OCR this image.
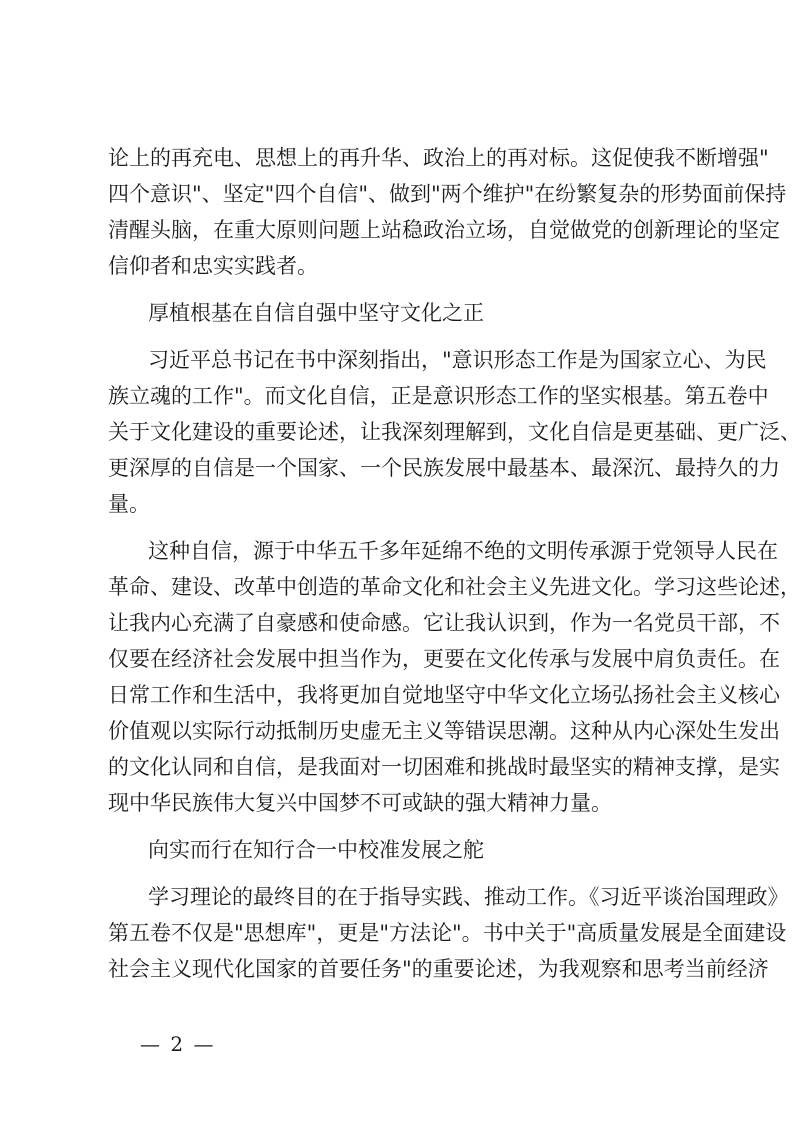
论上的再充电、思想上的再升华、政治上的再对标。这促使我不断增强"
四个意识"、坚定"四个自信"、做到"两个维护"在纷繁复杂的形势面前保持
清醒头脑，在重大原则问题上站稳政治立场，自觉做党的创新理论的坚定
信仰者和忠实实践者。
厚植根基在自信自强中坚守文化之正
习近平总书记在书中深刻指出，"意识形态工作是为国家立心、为民
族立魂的工作"。而文化自信，正是意识形态工作的坚实根基。第五卷中
关于文化建设的重要论述，让我深刻理解到，文化自信是更基础、更广泛、
更深厚的自信是一个国家、一个民族发展中最基本、最深沉、最持久的力
量。
这种自信，源于中华五千多年延绵不绝的文明传承源于党领导人民在
革命、建设、改革中创造的革命文化和社会主义先进文化。学习这些论述，
让我内心充满了自豪感和使命感。它让我认识到，作为一名党员干部，不
仅要在经济社会发展中担当作为，更要在文化传承与发展中肩负责任。在
日常工作和生活中，我将更加自觉地坚守中华文化立场弘扬社会主义核心
价值观以实际行动抵制历史虚无主义等错误思潮。这种从内心深处生发出
的文化认同和自信，是我面对一切困难和挑战时最坚实的精神支撑，是实
现中华民族伟大复兴中国梦不可或缺的强大精神力量。
向实而行在知行合一中校准发展之舵
学习理论的最终目的在于指导实践、推动工作。《习近平谈治国理政》
第五卷不仅是"思想库"，更是"方法论"。书中关于"高质量发展是全面建设
社会主义现代化国家的首要任务"的重要论述，为我观察和思考当前经济
— 2 —
